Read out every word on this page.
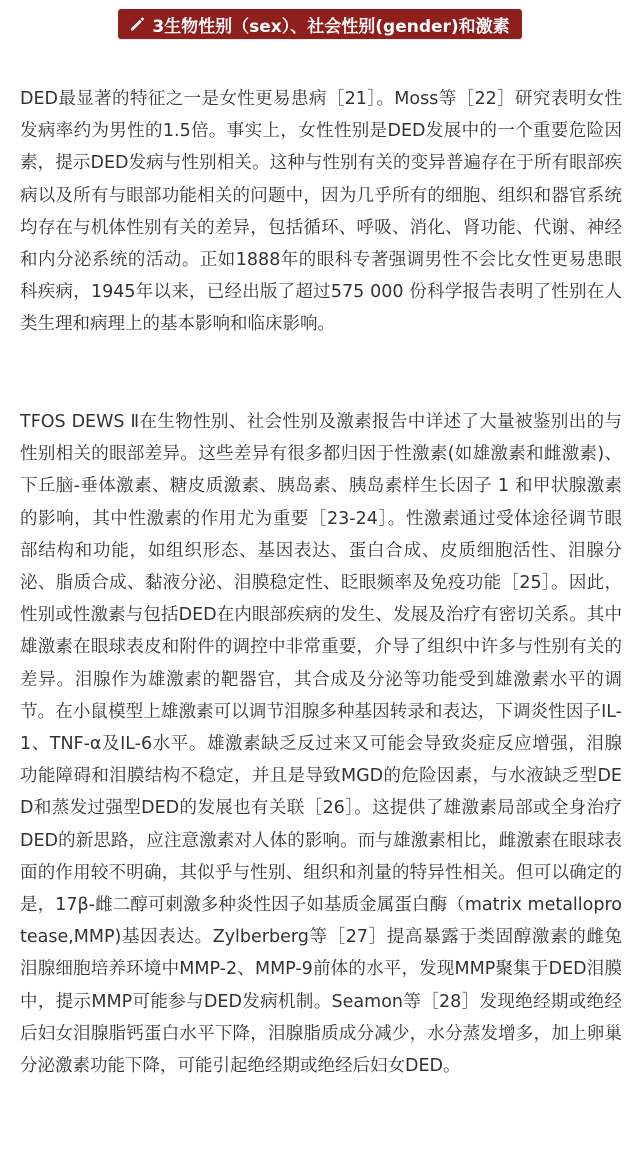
3生物性别（sex）、社会性别(gender)和激素

DED最显著的特征之一是女性更易患病［21］。Moss等［22］研究表明女性发病率约为男性的1.5倍。事实上，女性性别是DED发展中的一个重要危险因素，提示DED发病与性别相关。这种与性别有关的变异普遍存在于所有眼部疾病以及所有与眼部功能相关的问题中，因为几乎所有的细胞、组织和器官系统均存在与机体性别有关的差异，包括循环、呼吸、消化、肾功能、代谢、神经和内分泌系统的活动。正如1888年的眼科专著强调男性不会比女性更易患眼科疾病，1945年以来，已经出版了超过575 000 份科学报告表明了性别在人类生理和病理上的基本影响和临床影响。

TFOS DEWS Ⅱ在生物性别、社会性别及激素报告中详述了大量被鉴别出的与性别相关的眼部差异。这些差异有很多都归因于性激素(如雄激素和雌激素)、下丘脑-垂体激素、糖皮质激素、胰岛素、胰岛素样生长因子 1 和甲状腺激素的影响，其中性激素的作用尤为重要［23-24］。性激素通过受体途径调节眼部结构和功能，如组织形态、基因表达、蛋白合成、皮质细胞活性、泪腺分泌、脂质合成、黏液分泌、泪膜稳定性、眨眼频率及免疫功能［25］。因此，性别或性激素与包括DED在内眼部疾病的发生、发展及治疗有密切关系。其中雄激素在眼球表皮和附件的调控中非常重要，介导了组织中许多与性别有关的差异。泪腺作为雄激素的靶器官，其合成及分泌等功能受到雄激素水平的调节。在小鼠模型上雄激素可以调节泪腺多种基因转录和表达，下调炎性因子IL-1、TNF-α及IL-6水平。雄激素缺乏反过来又可能会导致炎症反应增强，泪腺功能障碍和泪膜结构不稳定，并且是导致MGD的危险因素，与水液缺乏型DED和蒸发过强型DED的发展也有关联［26］。这提供了雄激素局部或全身治疗DED的新思路，应注意激素对人体的影响。而与雄激素相比，雌激素在眼球表面的作用较不明确，其似乎与性别、组织和剂量的特异性相关。但可以确定的是，17β-雌二醇可刺激多种炎性因子如基质金属蛋白酶（matrix metalloprotease,MMP)基因表达。Zylberberg等［27］提高暴露于类固醇激素的雌兔泪腺细胞培养环境中MMP-2、MMP-9前体的水平，发现MMP聚集于DED泪膜中，提示MMP可能参与DED发病机制。Seamon等［28］发现绝经期或绝经后妇女泪腺脂钙蛋白水平下降，泪腺脂质成分减少，水分蒸发增多，加上卵巢分泌激素功能下降，可能引起绝经期或绝经后妇女DED。
